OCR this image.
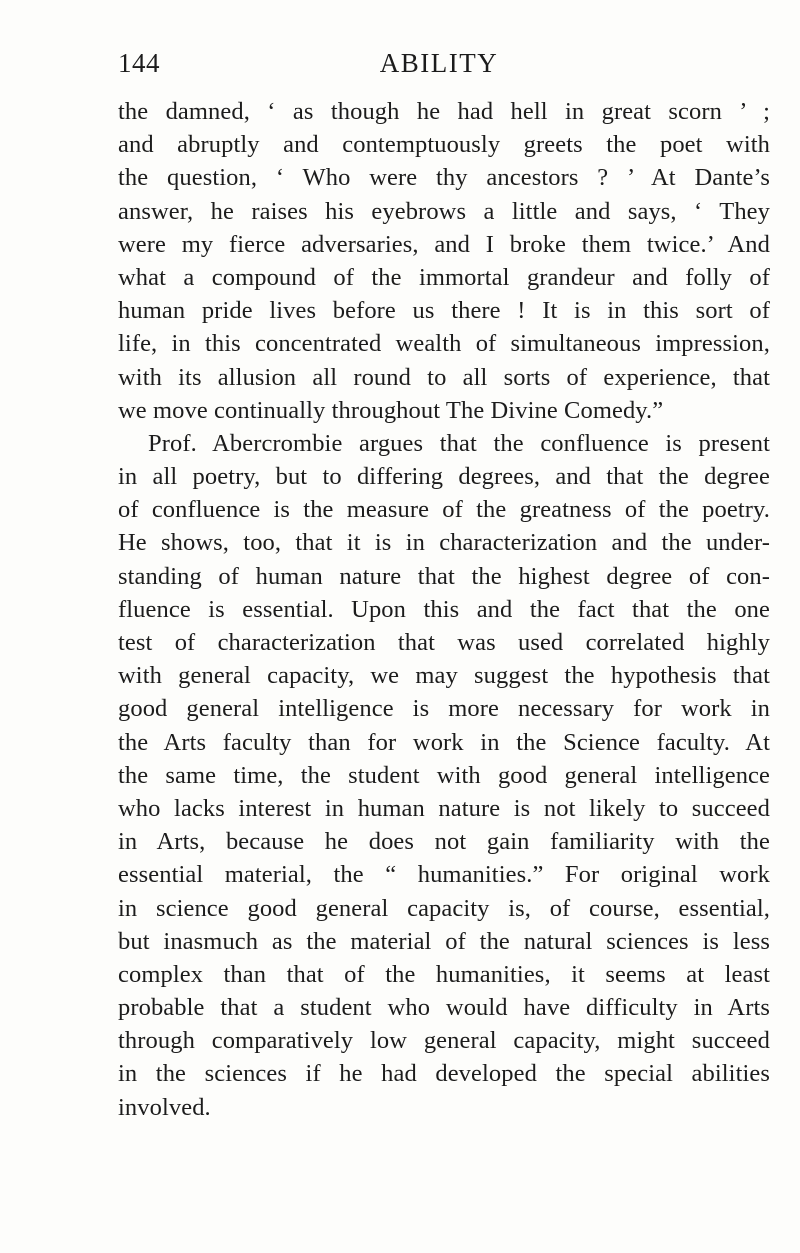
144	ABILITY
the damned, ‘ as though he had hell in great scorn ’ ;
and abruptly and contemptuously greets the poet with
the question, ‘ Who were thy ancestors ? ’ At Dante’s
answer, he raises his eyebrows a little and says, ‘ They
were my fierce adversaries, and I broke them twice.’ And
what a compound of the immortal grandeur and folly of
human pride lives before us there ! It is in this sort of
life, in this concentrated wealth of simultaneous impression,
with its allusion all round to all sorts of experience, that
we move continually throughout The Divine Comedy.”
Prof. Abercrombie argues that the confluence is present
in all poetry, but to differing degrees, and that the degree
of confluence is the measure of the greatness of the poetry.
He shows, too, that it is in characterization and the under-
standing of human nature that the highest degree of con-
fluence is essential. Upon this and the fact that the one
test of characterization that was used correlated highly
with general capacity, we may suggest the hypothesis that
good general intelligence is more necessary for work in
the Arts faculty than for work in the Science faculty. At
the same time, the student with good general intelligence
who lacks interest in human nature is not likely to succeed
in Arts, because he does not gain familiarity with the
essential material, the “ humanities.” For original work
in science good general capacity is, of course, essential,
but inasmuch as the material of the natural sciences is less
complex than that of the humanities, it seems at least
probable that a student who would have difficulty in Arts
through comparatively low general capacity, might succeed
in the sciences if he had developed the special abilities
involved.
